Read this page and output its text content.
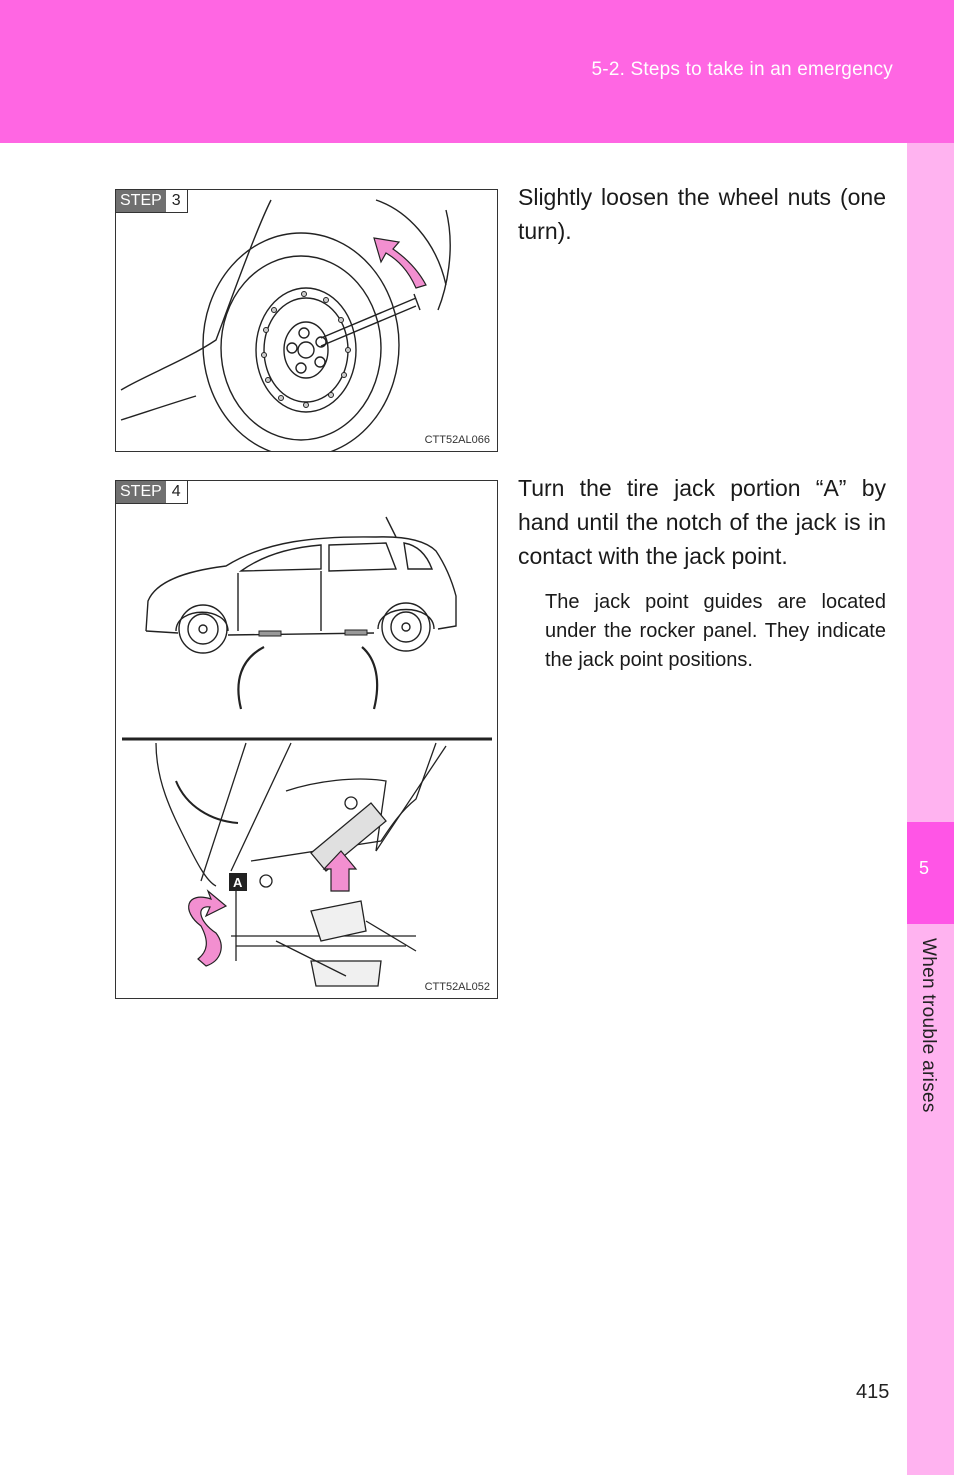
5-2. Steps to take in an emergency
5
When trouble arises
STEP 3
CTT52AL066

Slightly loosen the wheel nuts (one turn).

A
STEP 4
CTT52AL052

Turn the tire jack portion “A” by hand until the notch of the jack is in contact with the jack point.

The jack point guides are located under the rocker panel. They indicate the jack point positions.

415
